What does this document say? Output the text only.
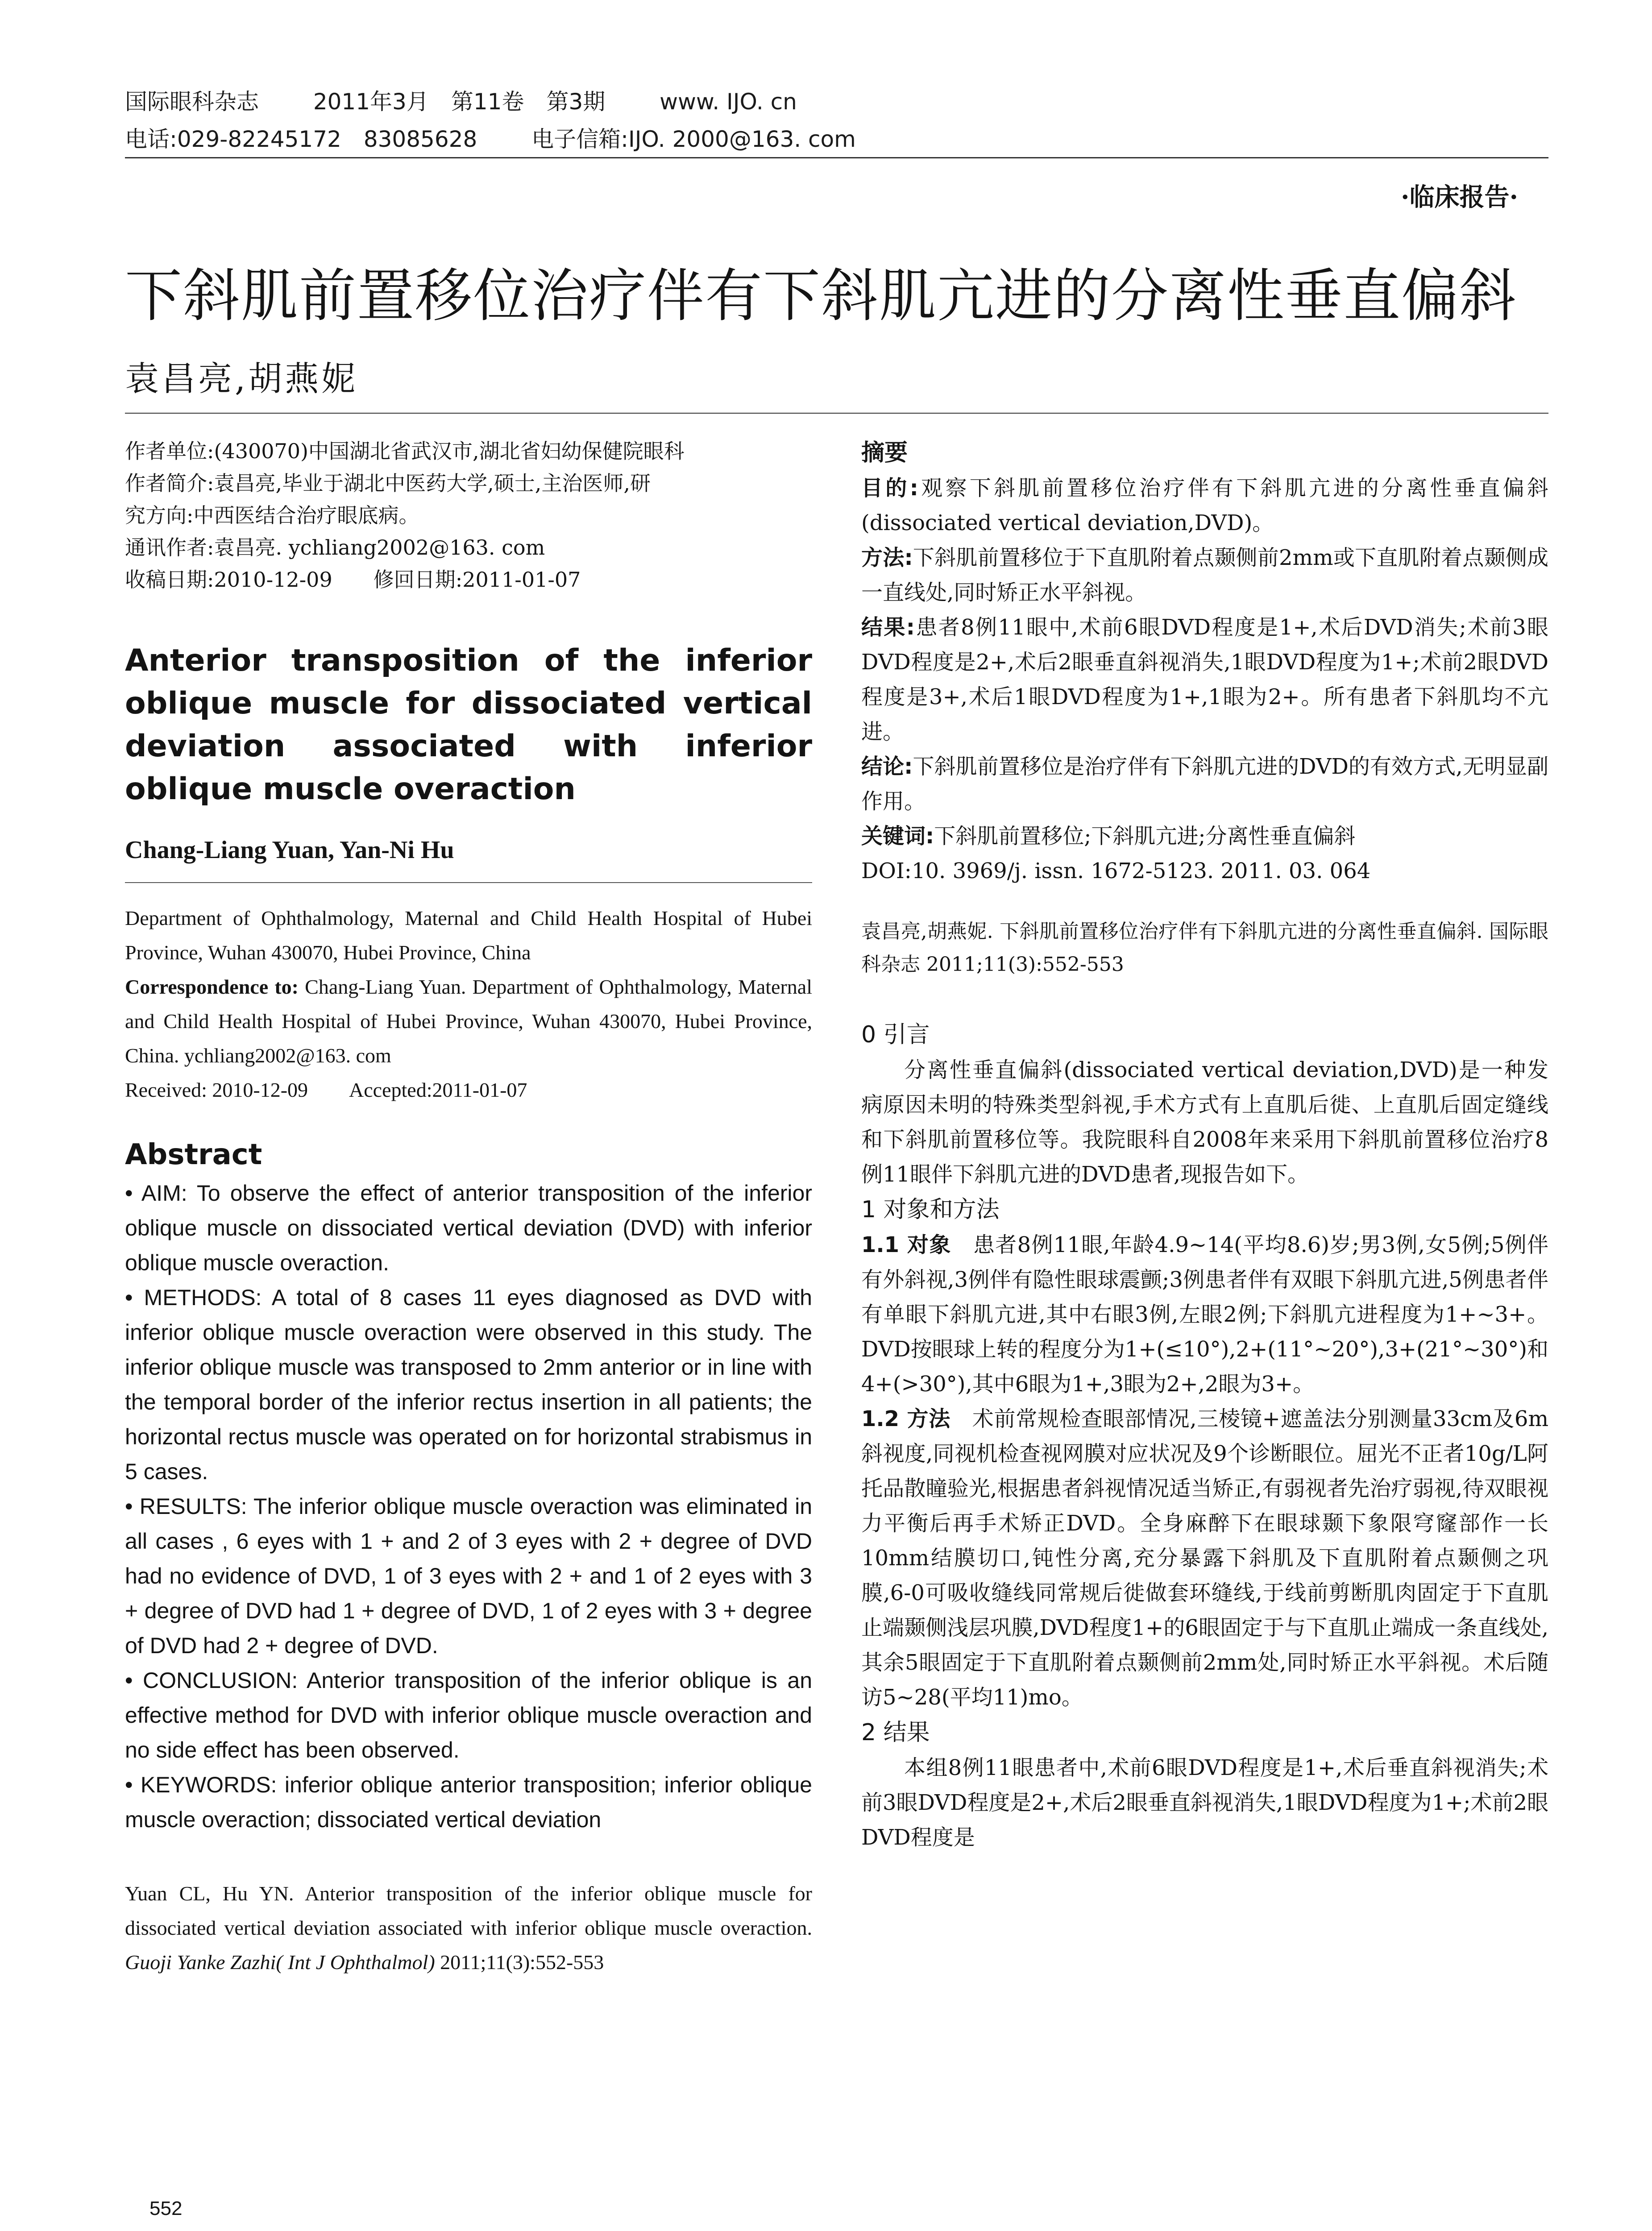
国际眼科杂志 2011年3月　第11卷　第3期 www. IJO. cn
电话:029-82245172　83085628 电子信箱:IJO. 2000@163. com
·临床报告·
下斜肌前置移位治疗伴有下斜肌亢进的分离性垂直偏斜
袁昌亮,胡燕妮

作者单位:(430070)中国湖北省武汉市,湖北省妇幼保健院眼科

作者简介:袁昌亮,毕业于湖北中医药大学,硕士,主治医师,研

究方向:中西医结合治疗眼底病。

通讯作者:袁昌亮. ychliang2002@163. com

收稿日期:2010-12-09　　修回日期:2011-01-07

Anterior transposition of the inferior oblique muscle for dissociated vertical deviation associated with inferior oblique muscle overaction
Chang-Liang Yuan, Yan-Ni Hu

Department of Ophthalmology, Maternal and Child Health Hospital of Hubei Province, Wuhan 430070, Hubei Province, China

Correspondence to: Chang-Liang Yuan. Department of Ophthalmology, Maternal and Child Health Hospital of Hubei Province, Wuhan 430070, Hubei Province, China. ychliang2002@163. com

Received: 2010-12-09　　Accepted:2011-01-07

Abstract

• AIM: To observe the effect of anterior transposition of the inferior oblique muscle on dissociated vertical deviation (DVD) with inferior oblique muscle overaction.

• METHODS: A total of 8 cases 11 eyes diagnosed as DVD with inferior oblique muscle overaction were observed in this study. The inferior oblique muscle was transposed to 2mm anterior or in line with the temporal border of the inferior rectus insertion in all patients; the horizontal rectus muscle was operated on for horizontal strabismus in 5 cases.

• RESULTS: The inferior oblique muscle overaction was eliminated in all cases , 6 eyes with 1 + and 2 of 3 eyes with 2 + degree of DVD had no evidence of DVD, 1 of 3 eyes with 2 + and 1 of 2 eyes with 3 + degree of DVD had 1 + degree of DVD, 1 of 2 eyes with 3 + degree of DVD had 2 + degree of DVD.

• CONCLUSION: Anterior transposition of the inferior oblique is an effective method for DVD with inferior oblique muscle overaction and no side effect has been observed.

• KEYWORDS: inferior oblique anterior transposition; inferior oblique muscle overaction; dissociated vertical deviation

Yuan CL, Hu YN. Anterior transposition of the inferior oblique muscle for dissociated vertical deviation associated with inferior oblique muscle overaction. Guoji Yanke Zazhi( Int J Ophthalmol) 2011;11(3):552-553
552
摘要

目的:观察下斜肌前置移位治疗伴有下斜肌亢进的分离性垂直偏斜(dissociated vertical deviation,DVD)。

方法:下斜肌前置移位于下直肌附着点颞侧前2mm或下直肌附着点颞侧成一直线处,同时矫正水平斜视。

结果:患者8例11眼中,术前6眼DVD程度是1+,术后DVD消失;术前3眼DVD程度是2+,术后2眼垂直斜视消失,1眼DVD程度为1+;术前2眼DVD程度是3+,术后1眼DVD程度为1+,1眼为2+。所有患者下斜肌均不亢进。

结论:下斜肌前置移位是治疗伴有下斜肌亢进的DVD的有效方式,无明显副作用。

关键词:下斜肌前置移位;下斜肌亢进;分离性垂直偏斜

DOI:10. 3969/j. issn. 1672-5123. 2011. 03. 064

袁昌亮,胡燕妮. 下斜肌前置移位治疗伴有下斜肌亢进的分离性垂直偏斜. 国际眼科杂志 2011;11(3):552-553
0 引言
分离性垂直偏斜(dissociated vertical deviation,DVD)是一种发病原因未明的特殊类型斜视,手术方式有上直肌后徙、上直肌后固定缝线和下斜肌前置移位等。我院眼科自2008年来采用下斜肌前置移位治疗8例11眼伴下斜肌亢进的DVD患者,现报告如下。
1 对象和方法
1.1 对象　患者8例11眼,年龄4.9~14(平均8.6)岁;男3例,女5例;5例伴有外斜视,3例伴有隐性眼球震颤;3例患者伴有双眼下斜肌亢进,5例患者伴有单眼下斜肌亢进,其中右眼3例,左眼2例;下斜肌亢进程度为1+~3+。DVD按眼球上转的程度分为1+(≤10°),2+(11°~20°),3+(21°~30°)和4+(>30°),其中6眼为1+,3眼为2+,2眼为3+。
1.2 方法　术前常规检查眼部情况,三棱镜+遮盖法分别测量33cm及6m斜视度,同视机检查视网膜对应状况及9个诊断眼位。屈光不正者10g/L阿托品散瞳验光,根据患者斜视情况适当矫正,有弱视者先治疗弱视,待双眼视力平衡后再手术矫正DVD。全身麻醉下在眼球颞下象限穹窿部作一长10mm结膜切口,钝性分离,充分暴露下斜肌及下直肌附着点颞侧之巩膜,6-0可吸收缝线同常规后徙做套环缝线,于线前剪断肌肉固定于下直肌止端颞侧浅层巩膜,DVD程度1+的6眼固定于与下直肌止端成一条直线处,其余5眼固定于下直肌附着点颞侧前2mm处,同时矫正水平斜视。术后随访5~28(平均11)mo。
2 结果
本组8例11眼患者中,术前6眼DVD程度是1+,术后垂直斜视消失;术前3眼DVD程度是2+,术后2眼垂直斜视消失,1眼DVD程度为1+;术前2眼DVD程度是
